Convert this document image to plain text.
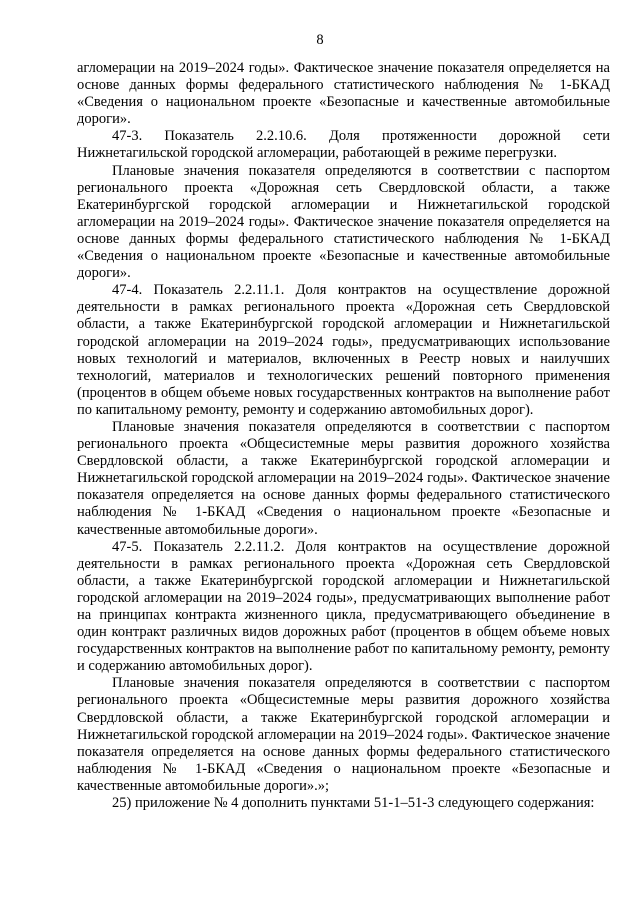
8

агломерации на 2019–2024 годы». Фактическое значение показателя определяется на основе данных формы федерального статистического наблюдения № 1-БКАД «Сведения о национальном проекте «Безопасные и качественные автомобильные дороги».

47-3. Показатель 2.2.10.6. Доля протяженности дорожной сети Нижнетагильской городской агломерации, работающей в режиме перегрузки.

Плановые значения показателя определяются в соответствии с паспортом регионального проекта «Дорожная сеть Свердловской области, а также Екатеринбургской городской агломерации и Нижнетагильской городской агломерации на 2019–2024 годы». Фактическое значение показателя определяется на основе данных формы федерального статистического наблюдения № 1-БКАД «Сведения о национальном проекте «Безопасные и качественные автомобильные дороги».

47-4. Показатель 2.2.11.1. Доля контрактов на осуществление дорожной деятельности в рамках регионального проекта «Дорожная сеть Свердловской области, а также Екатеринбургской городской агломерации и Нижнетагильской городской агломерации на 2019–2024 годы», предусматривающих использование новых технологий и материалов, включенных в Реестр новых и наилучших технологий, материалов и технологических решений повторного применения (процентов в общем объеме новых государственных контрактов на выполнение работ по капитальному ремонту, ремонту и содержанию автомобильных дорог).

Плановые значения показателя определяются в соответствии с паспортом регионального проекта «Общесистемные меры развития дорожного хозяйства Свердловской области, а также Екатеринбургской городской агломерации и Нижнетагильской городской агломерации на 2019–2024 годы». Фактическое значение показателя определяется на основе данных формы федерального статистического наблюдения № 1-БКАД «Сведения о национальном проекте «Безопасные и качественные автомобильные дороги».

47-5. Показатель 2.2.11.2. Доля контрактов на осуществление дорожной деятельности в рамках регионального проекта «Дорожная сеть Свердловской области, а также Екатеринбургской городской агломерации и Нижнетагильской городской агломерации на 2019–2024 годы», предусматривающих выполнение работ на принципах контракта жизненного цикла, предусматривающего объединение в один контракт различных видов дорожных работ (процентов в общем объеме новых государственных контрактов на выполнение работ по капитальному ремонту, ремонту и содержанию автомобильных дорог).

Плановые значения показателя определяются в соответствии с паспортом регионального проекта «Общесистемные меры развития дорожного хозяйства Свердловской области, а также Екатеринбургской городской агломерации и Нижнетагильской городской агломерации на 2019–2024 годы». Фактическое значение показателя определяется на основе данных формы федерального статистического наблюдения № 1-БКАД «Сведения о национальном проекте «Безопасные и качественные автомобильные дороги».»;

25) приложение № 4 дополнить пунктами 51-1–51-3 следующего содержания:
